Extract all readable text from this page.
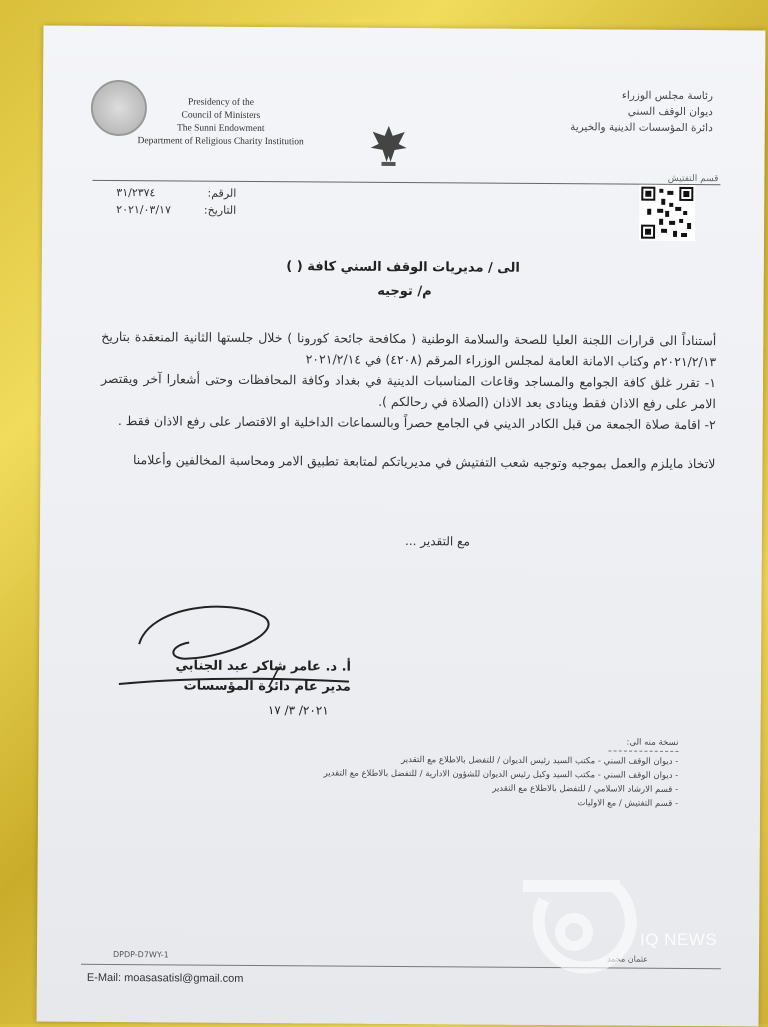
Presidency of the
Council of Ministers
The Sunni Endowment
Department of Religious Charity Institution
رئاسة مجلس الوزراء
ديوان الوقف السني
دائرة المؤسسات الدينية والخيرية
قسم التفتيش
الرقم:
٣١/٢٣٧٤
التاريخ:
٢٠٢١/٠٣/١٧
الى / مديريات الوقف السني كافة ( )
م/ توجيه

أستناداً الى قرارات اللجنة العليا للصحة والسلامة الوطنية ( مكافحة جائحة كورونا ) خلال جلستها الثانية المنعقدة بتاريخ ٢٠٢١/٢/١٣م وكتاب الامانة العامة لمجلس الوزراء المرقم (٤٢٠٨) في ٢٠٢١/٢/١٤

١- تقرر غلق كافة الجوامع والمساجد وقاعات المناسبات الدينية في بغداد وكافة المحافظات وحتى أشعارا آخر ويقتصر الامر على رفع الاذان فقط وينادى بعد الاذان (الصلاة في رحالكم ).

٢- اقامة صلاة الجمعة من قبل الكادر الديني في الجامع حصراً وبالسماعات الداخلية او الاقتصار على رفع الاذان فقط .

لاتخاذ مايلزم والعمل بموجبه وتوجيه شعب التفتيش في مديرياتكم لمتابعة تطبيق الامر ومحاسبة المخالفين وأعلامنا

مع التقدير ...
أ. د. عامر شاكر عبد الجنابي
مدير عام دائرة المؤسسات
٢٠٢١/ ٣/ ١٧
نسخة منه الى:
- ديوان الوقف السني - مكتب السيد رئيس الديوان / للتفضل بالاطلاع مع التقدير
- ديوان الوقف السني - مكتب السيد وكيل رئيس الديوان للشؤون الادارية / للتفضل بالاطلاع مع التقدير
- قسم الارشاد الاسلامي / للتفضل بالاطلاع مع التقدير
- قسم التفتيش / مع الاوليات
DPDP-D7WY-1	عثمان محمد
E-Mail: moasasatisl@gmail.com
IQ NEWS
